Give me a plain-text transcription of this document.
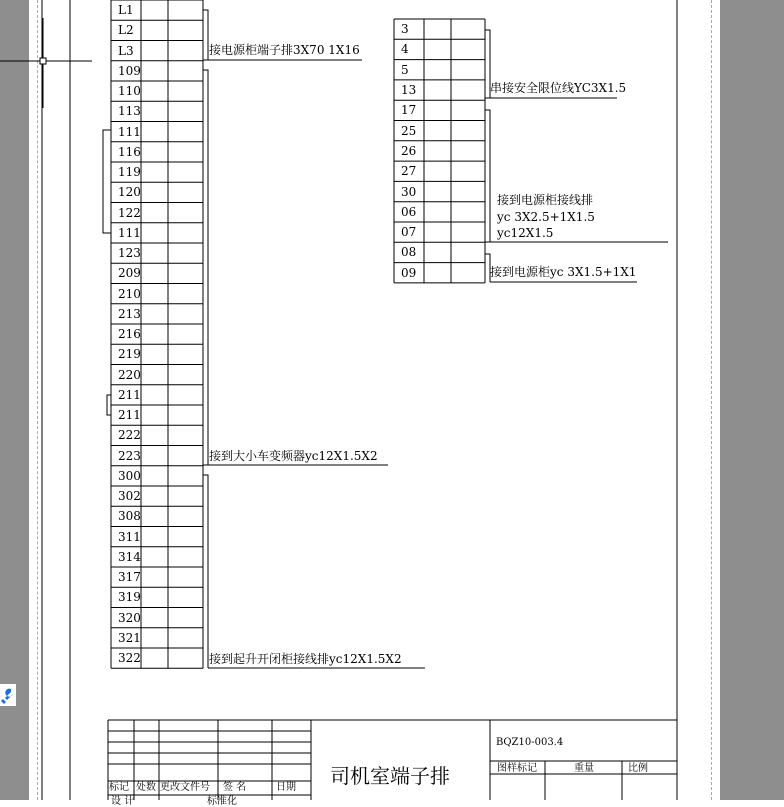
L1
L2
L3
109
110
113
111
116
119
120
122
111
123
209
210
213
216
219
220
211
211
222
223
300
302
308
311
314
317
319
320
321
322
3
4
5
13
17
25
26
27
30
06
07
08
09
接电源柜端子排3X70 1X16
接到大小车变频器yc12X1.5X2
接到起升开闭柜接线排yc12X1.5X2
串接安全限位线YC3X1.5
接到电源柜接线排
yc 3X2.5+1X1.5
yc12X1.5
接到电源柜yc 3X1.5+1X1
BQZ10-003.4
司机室端子排
标记 处数 更改文件号 签 名	日期
设 计	标准化
图样标记	重量	比例
